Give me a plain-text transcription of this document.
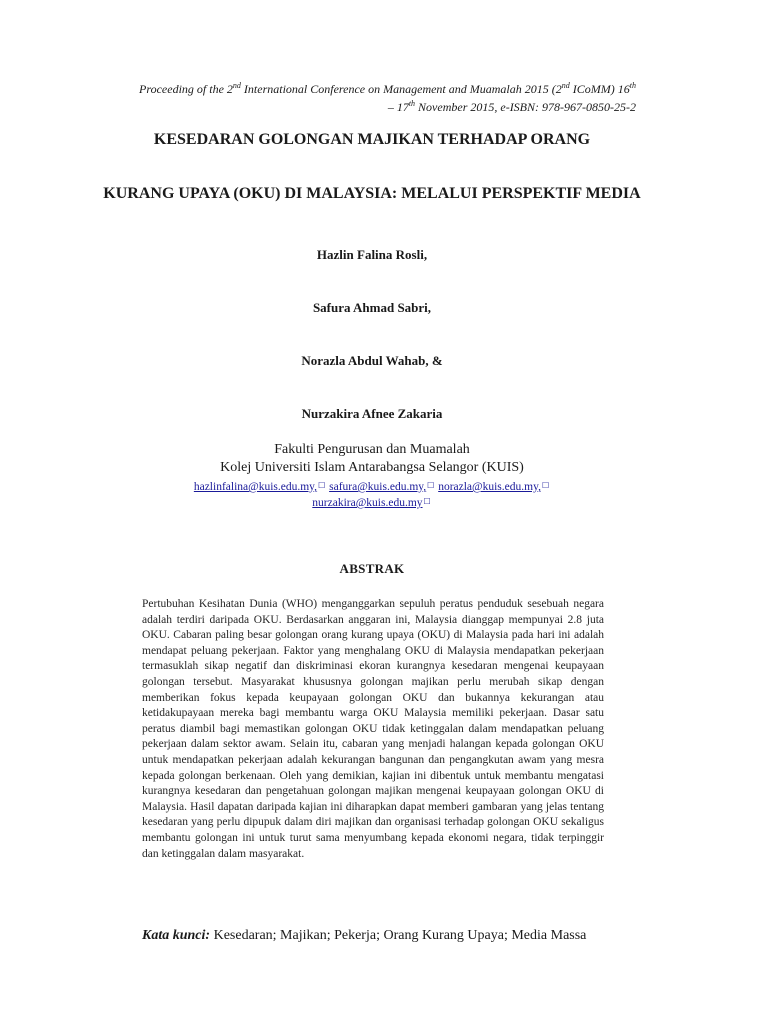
Proceeding of the 2nd International Conference on Management and Muamalah 2015 (2nd ICoMM) 16th
– 17th November 2015, e-ISBN: 978-967-0850-25-2
KESEDARAN GOLONGAN MAJIKAN TERHADAP ORANG
KURANG UPAYA (OKU) DI MALAYSIA: MELALUI PERSPEKTIF MEDIA
Hazlin Falina Rosli,
Safura Ahmad Sabri,
Norazla Abdul Wahab, &
Nurzakira Afnee Zakaria
Fakulti Pengurusan dan Muamalah
Kolej Universiti Islam Antarabangsa Selangor (KUIS)
hazlinfalina@kuis.edu.my,☐ safura@kuis.edu.my,☐ norazla@kuis.edu.my,☐
nurzakira@kuis.edu.my☐
ABSTRAK

Pertubuhan Kesihatan Dunia (WHO) menganggarkan sepuluh peratus penduduk sesebuah negara adalah terdiri daripada OKU. Berdasarkan anggaran ini, Malaysia dianggap mempunyai 2.8 juta OKU. Cabaran paling besar golongan orang kurang upaya (OKU) di Malaysia pada hari ini adalah mendapat peluang pekerjaan. Faktor yang menghalang OKU di Malaysia mendapatkan pekerjaan termasuklah sikap negatif dan diskriminasi ekoran kurangnya kesedaran mengenai keupayaan golongan tersebut. Masyarakat khususnya golongan majikan perlu merubah sikap dengan memberikan fokus kepada keupayaan golongan OKU dan bukannya kekurangan atau ketidakupayaan mereka bagi membantu warga OKU Malaysia memiliki pekerjaan. Dasar satu peratus diambil bagi memastikan golongan OKU tidak ketinggalan dalam mendapatkan peluang pekerjaan dalam sektor awam. Selain itu, cabaran yang menjadi halangan kepada golongan OKU untuk mendapatkan pekerjaan adalah kekurangan bangunan dan pengangkutan awam yang mesra kepada golongan berkenaan. Oleh yang demikian, kajian ini dibentuk untuk membantu mengatasi kurangnya kesedaran dan pengetahuan golongan majikan mengenai keupayaan golongan OKU di Malaysia. Hasil dapatan daripada kajian ini diharapkan dapat memberi gambaran yang jelas tentang kesedaran yang perlu dipupuk dalam diri majikan dan organisasi terhadap golongan OKU sekaligus membantu golongan ini untuk turut sama menyumbang kepada ekonomi negara, tidak terpinggir dan ketinggalan dalam masyarakat.

Kata kunci: Kesedaran; Majikan; Pekerja; Orang Kurang Upaya; Media Massa
